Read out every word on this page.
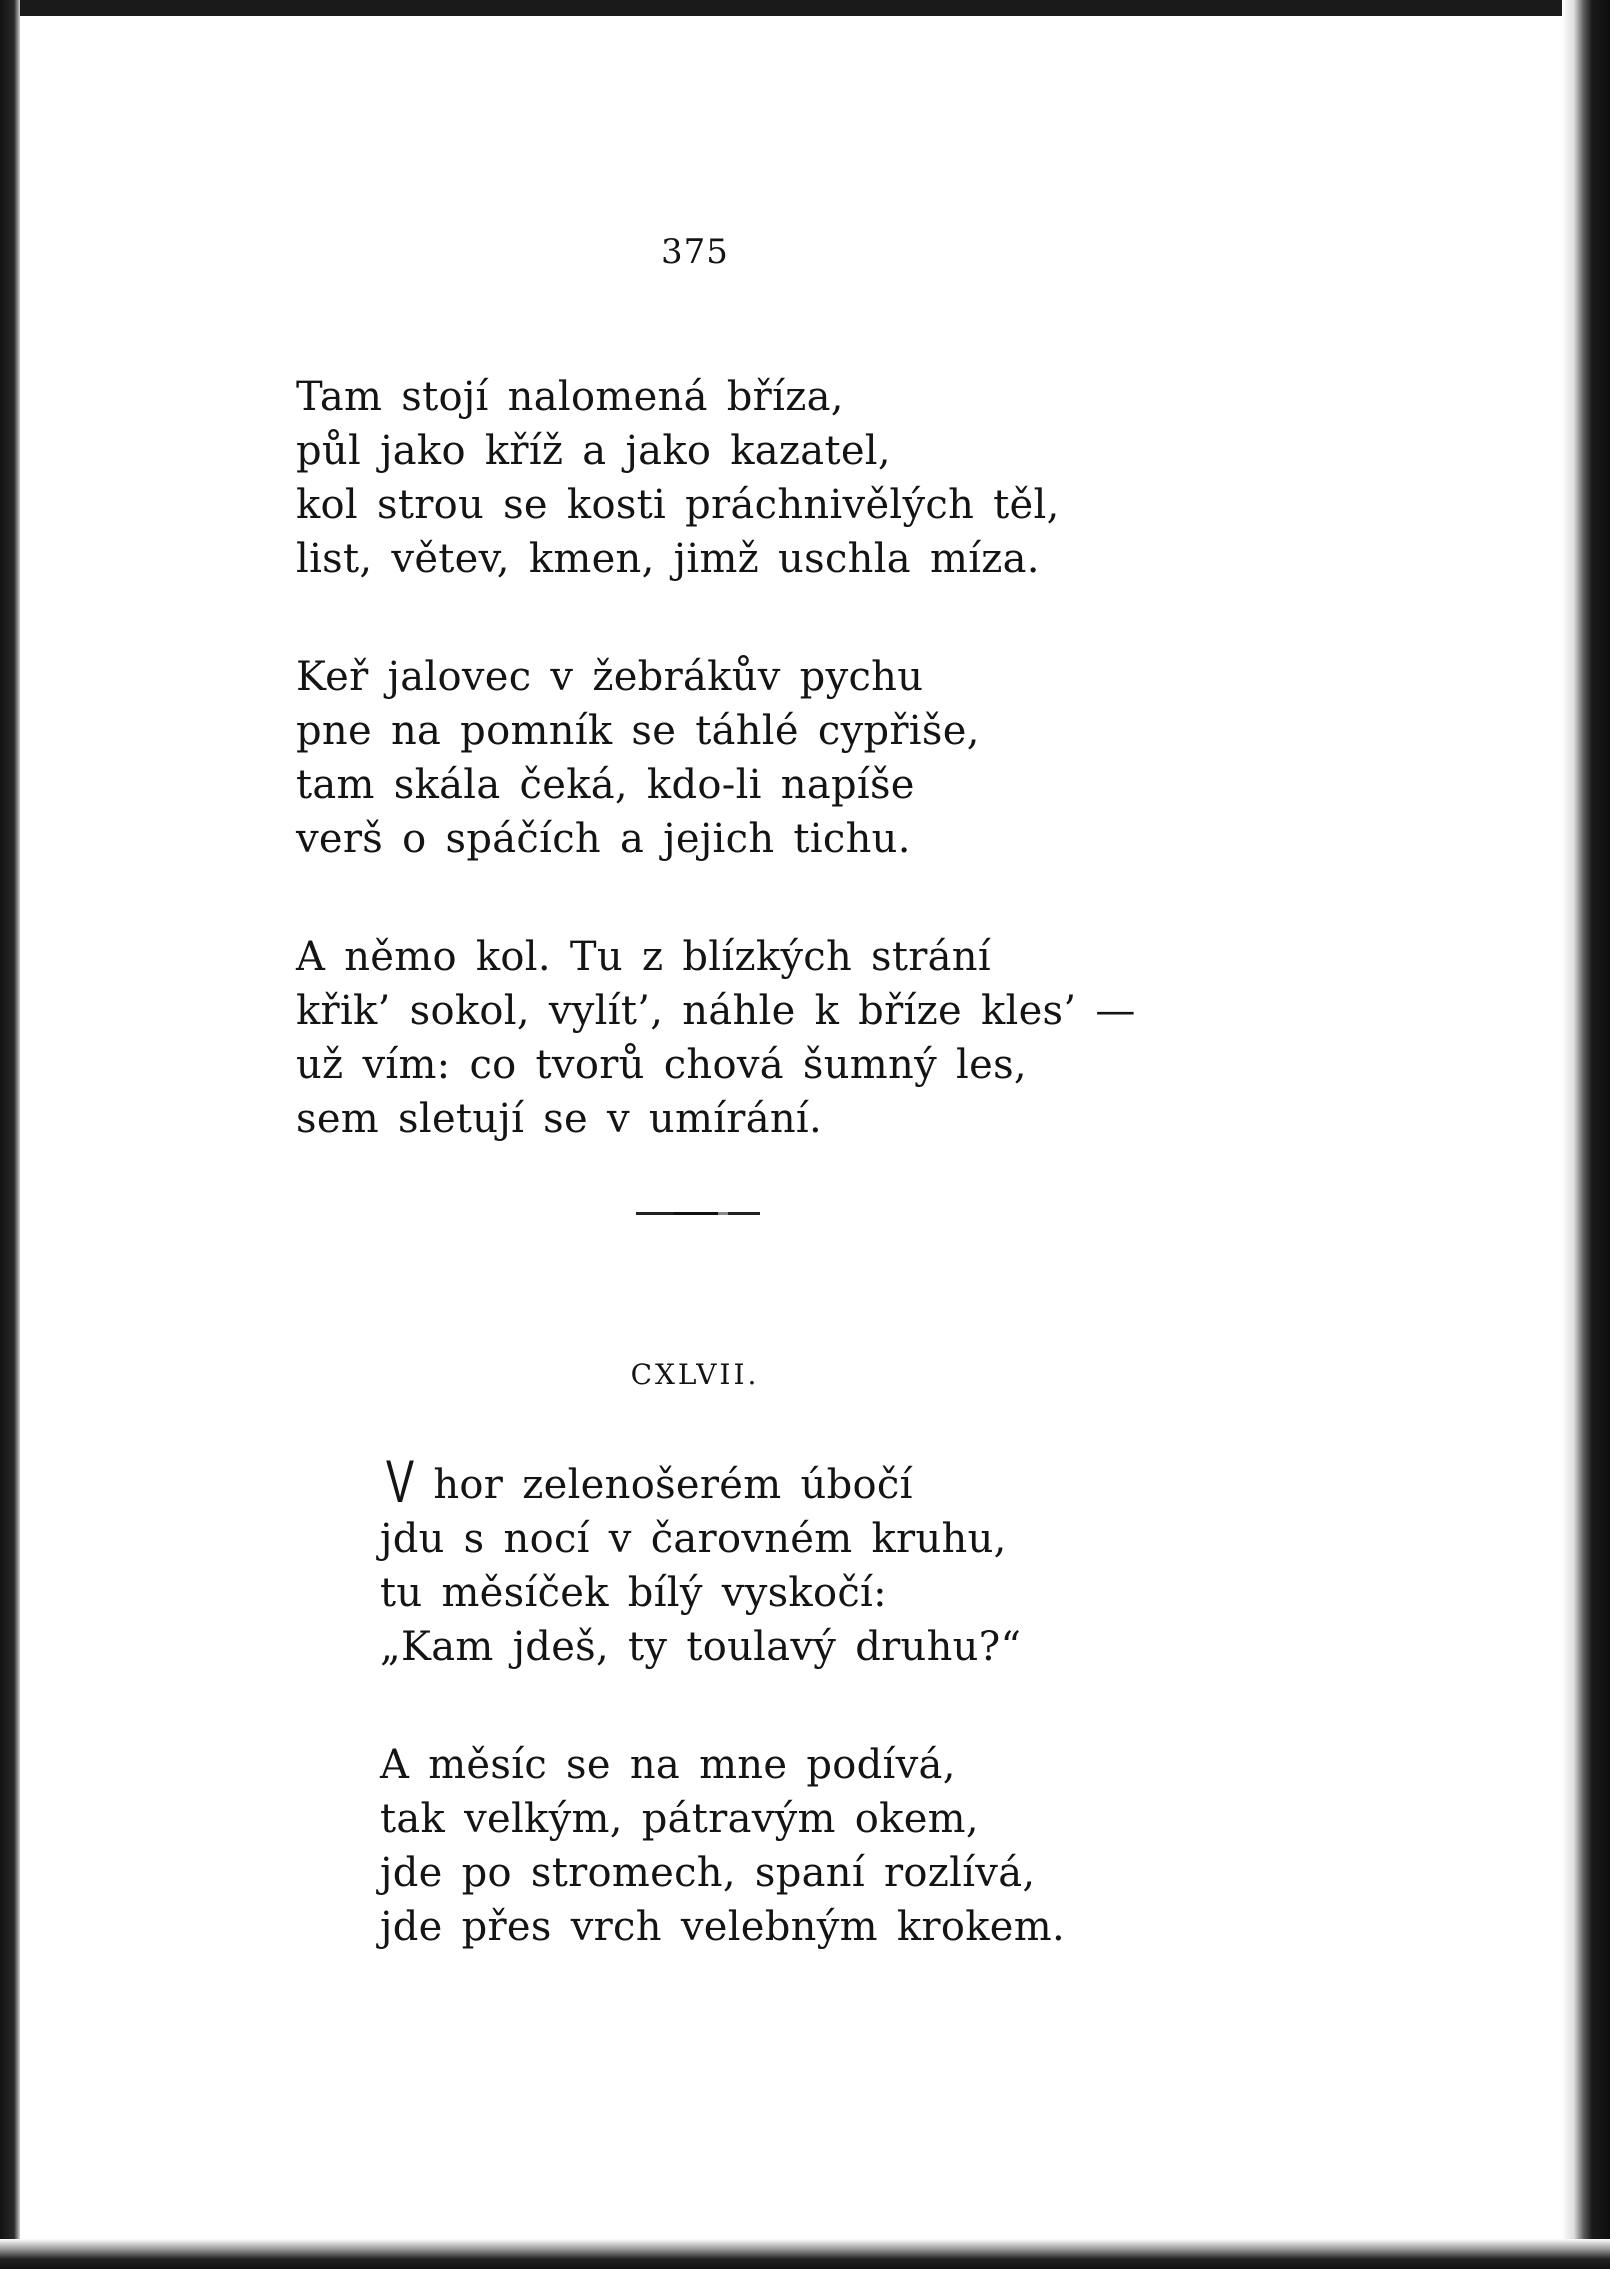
375
Tam stojí nalomená bříza,
půl jako kříž a jako kazatel,
kol strou se kosti práchnivělých těl,
list, větev, kmen, jimž uschla míza.
Keř jalovec v žebrákův pychu
pne na pomník se táhlé cypřiše,
tam skála čeká, kdo-li napíše
verš o spáčích a jejich tichu.
A němo kol. Tu z blízkých strání
křik’ sokol, vylít’, náhle k bříze kles’ —
už vím: co tvorů chová šumný les,
sem sletují se v umírání.
CXLVII.
V hor zelenošerém úbočí
jdu s nocí v čarovném kruhu,
tu měsíček bílý vyskočí:
„Kam jdeš, ty toulavý druhu?“
A měsíc se na mne podívá,
tak velkým, pátravým okem,
jde po stromech, spaní rozlívá,
jde přes vrch velebným krokem.
